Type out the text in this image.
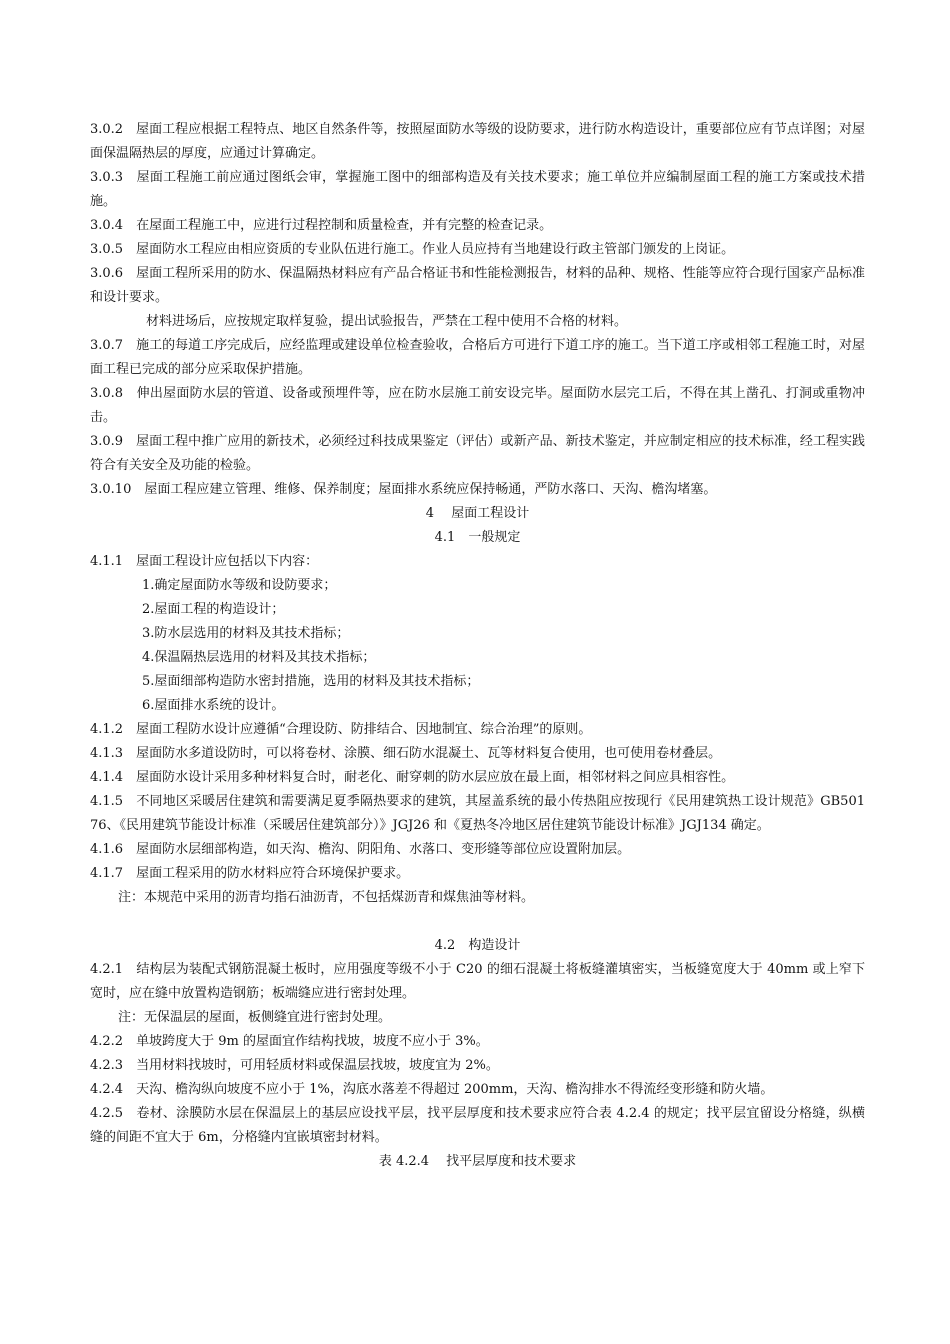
3.0.2　屋面工程应根据工程特点、地区自然条件等，按照屋面防水等级的设防要求，进行防水构造设计，重要部位应有节点详图；对屋面保温隔热层的厚度，应通过计算确定。

3.0.3　屋面工程施工前应通过图纸会审，掌握施工图中的细部构造及有关技术要求；施工单位并应编制屋面工程的施工方案或技术措施。

3.0.4　在屋面工程施工中，应进行过程控制和质量检查，并有完整的检查记录。

3.0.5　屋面防水工程应由相应资质的专业队伍进行施工。作业人员应持有当地建设行政主管部门颁发的上岗证。

3.0.6　屋面工程所采用的防水、保温隔热材料应有产品合格证书和性能检测报告，材料的品种、规格、性能等应符合现行国家产品标准和设计要求。

材料进场后，应按规定取样复验，提出试验报告，严禁在工程中使用不合格的材料。

3.0.7　施工的每道工序完成后，应经监理或建设单位检查验收，合格后方可进行下道工序的施工。当下道工序或相邻工程施工时，对屋面工程已完成的部分应采取保护措施。

3.0.8　伸出屋面防水层的管道、设备或预埋件等，应在防水层施工前安设完毕。屋面防水层完工后，不得在其上凿孔、打洞或重物冲击。

3.0.9　屋面工程中推广应用的新技术，必须经过科技成果鉴定（评估）或新产品、新技术鉴定，并应制定相应的技术标准，经工程实践符合有关安全及功能的检验。

3.0.10　屋面工程应建立管理、维修、保养制度；屋面排水系统应保持畅通，严防水落口、天沟、檐沟堵塞。

4　 屋面工程设计

4.1　一般规定

4.1.1　屋面工程设计应包括以下内容：

1.确定屋面防水等级和设防要求；

2.屋面工程的构造设计；

3.防水层选用的材料及其技术指标；

4.保温隔热层选用的材料及其技术指标；

5.屋面细部构造防水密封措施，选用的材料及其技术指标；

6.屋面排水系统的设计。

4.1.2　屋面工程防水设计应遵循“合理设防、防排结合、因地制宜、综合治理”的原则。

4.1.3　屋面防水多道设防时，可以将卷材、涂膜、细石防水混凝土、瓦等材料复合使用，也可使用卷材叠层。

4.1.4　屋面防水设计采用多种材料复合时，耐老化、耐穿刺的防水层应放在最上面，相邻材料之间应具相容性。

4.1.5　不同地区采暖居住建筑和需要满足夏季隔热要求的建筑，其屋盖系统的最小传热阻应按现行《民用建筑热工设计规范》GB50176、《民用建筑节能设计标准（采暖居住建筑部分）》JGJ26 和《夏热冬冷地区居住建筑节能设计标准》JGJ134 确定。

4.1.6　屋面防水层细部构造，如天沟、檐沟、阴阳角、水落口、变形缝等部位应设置附加层。

4.1.7　屋面工程采用的防水材料应符合环境保护要求。

注：本规范中采用的沥青均指石油沥青，不包括煤沥青和煤焦油等材料。

4.2　构造设计

4.2.1　结构层为装配式钢筋混凝土板时，应用强度等级不小于 C20 的细石混凝土将板缝灌填密实，当板缝宽度大于 40mm 或上窄下宽时，应在缝中放置构造钢筋；板端缝应进行密封处理。

注：无保温层的屋面，板侧缝宜进行密封处理。

4.2.2　单坡跨度大于 9m 的屋面宜作结构找坡，坡度不应小于 3%。

4.2.3　当用材料找坡时，可用轻质材料或保温层找坡，坡度宜为 2%。

4.2.4　天沟、檐沟纵向坡度不应小于 1%，沟底水落差不得超过 200mm，天沟、檐沟排水不得流经变形缝和防火墙。

4.2.5　卷材、涂膜防水层在保温层上的基层应设找平层，找平层厚度和技术要求应符合表 4.2.4 的规定；找平层宜留设分格缝，纵横缝的间距不宜大于 6m，分格缝内宜嵌填密封材料。

表 4.2.4　 找平层厚度和技术要求
